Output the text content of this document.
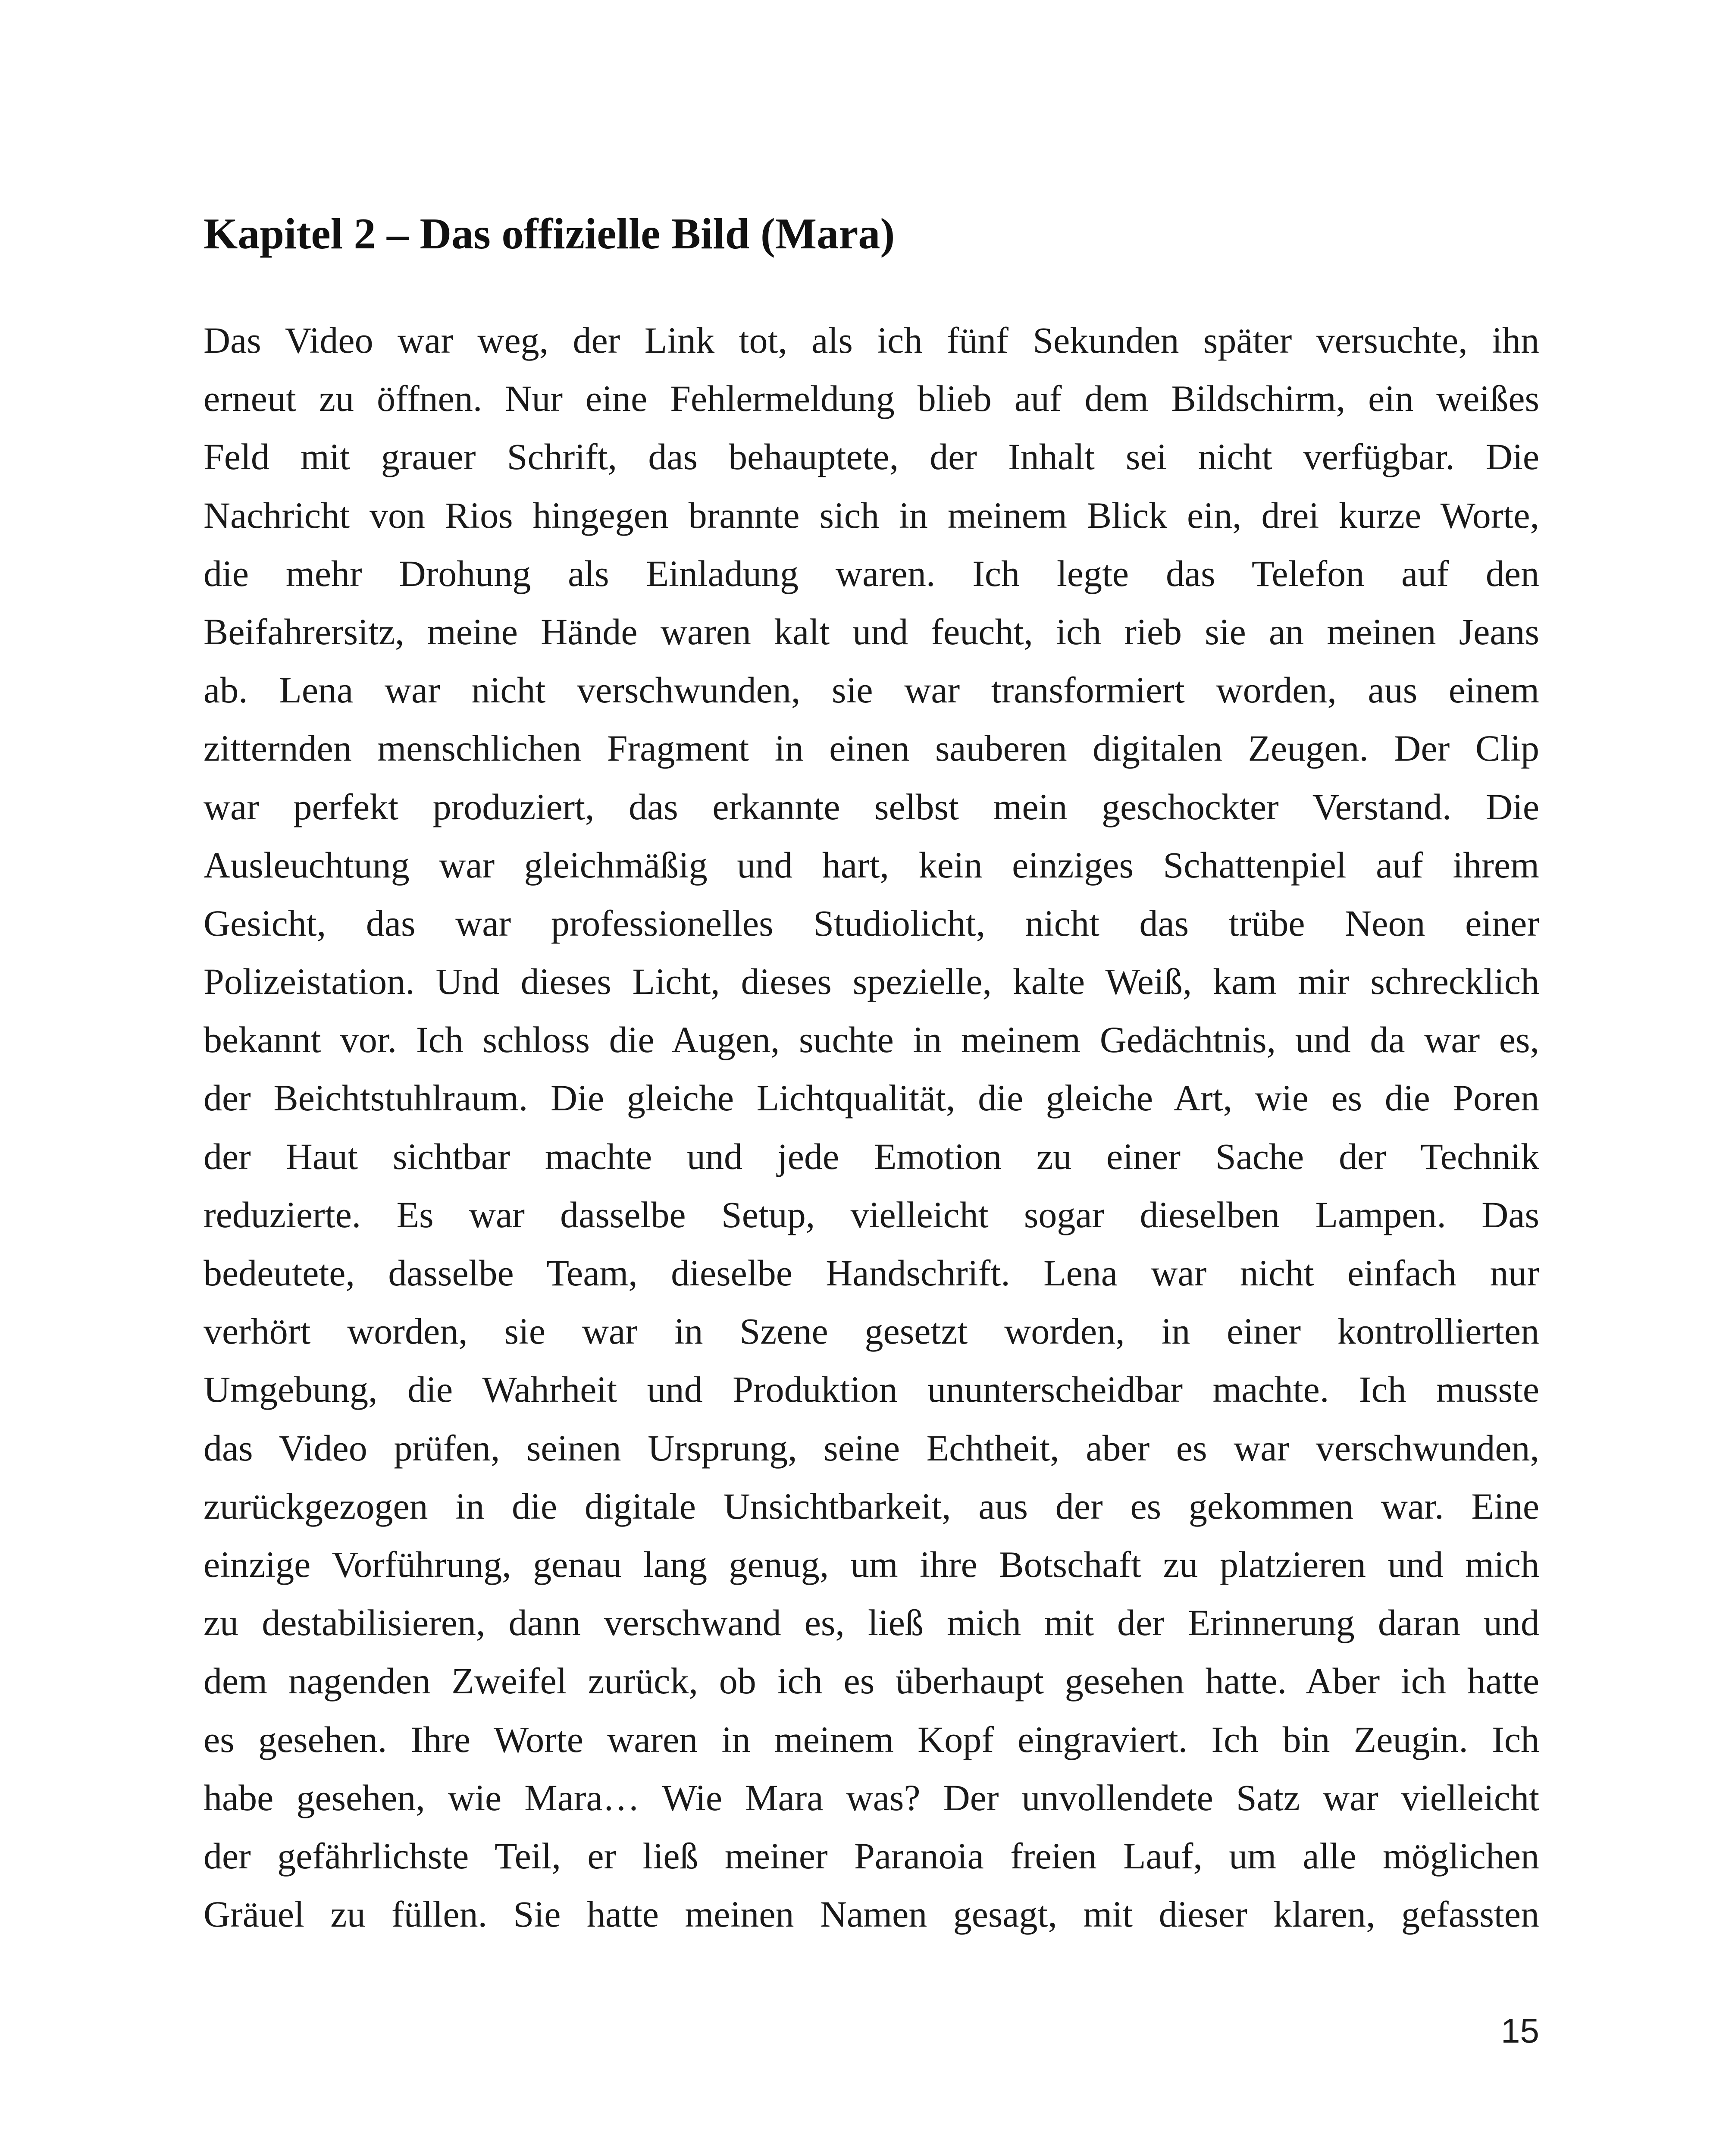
Kapitel 2 – Das offizielle Bild (Mara)
Das Video war weg, der Link tot, als ich fünf Sekunden später versuchte, ihn
erneut zu öffnen. Nur eine Fehlermeldung blieb auf dem Bildschirm, ein weißes
Feld mit grauer Schrift, das behauptete, der Inhalt sei nicht verfügbar. Die
Nachricht von Rios hingegen brannte sich in meinem Blick ein, drei kurze Worte,
die mehr Drohung als Einladung waren. Ich legte das Telefon auf den
Beifahrersitz, meine Hände waren kalt und feucht, ich rieb sie an meinen Jeans
ab. Lena war nicht verschwunden, sie war transformiert worden, aus einem
zitternden menschlichen Fragment in einen sauberen digitalen Zeugen. Der Clip
war perfekt produziert, das erkannte selbst mein geschockter Verstand. Die
Ausleuchtung war gleichmäßig und hart, kein einziges Schattenpiel auf ihrem
Gesicht, das war professionelles Studiolicht, nicht das trübe Neon einer
Polizeistation. Und dieses Licht, dieses spezielle, kalte Weiß, kam mir schrecklich
bekannt vor. Ich schloss die Augen, suchte in meinem Gedächtnis, und da war es,
der Beichtstuhlraum. Die gleiche Lichtqualität, die gleiche Art, wie es die Poren
der Haut sichtbar machte und jede Emotion zu einer Sache der Technik
reduzierte. Es war dasselbe Setup, vielleicht sogar dieselben Lampen. Das
bedeutete, dasselbe Team, dieselbe Handschrift. Lena war nicht einfach nur
verhört worden, sie war in Szene gesetzt worden, in einer kontrollierten
Umgebung, die Wahrheit und Produktion ununterscheidbar machte. Ich musste
das Video prüfen, seinen Ursprung, seine Echtheit, aber es war verschwunden,
zurückgezogen in die digitale Unsichtbarkeit, aus der es gekommen war. Eine
einzige Vorführung, genau lang genug, um ihre Botschaft zu platzieren und mich
zu destabilisieren, dann verschwand es, ließ mich mit der Erinnerung daran und
dem nagenden Zweifel zurück, ob ich es überhaupt gesehen hatte. Aber ich hatte
es gesehen. Ihre Worte waren in meinem Kopf eingraviert. Ich bin Zeugin. Ich
habe gesehen, wie Mara… Wie Mara was? Der unvollendete Satz war vielleicht
der gefährlichste Teil, er ließ meiner Paranoia freien Lauf, um alle möglichen
Gräuel zu füllen. Sie hatte meinen Namen gesagt, mit dieser klaren, gefassten
15
